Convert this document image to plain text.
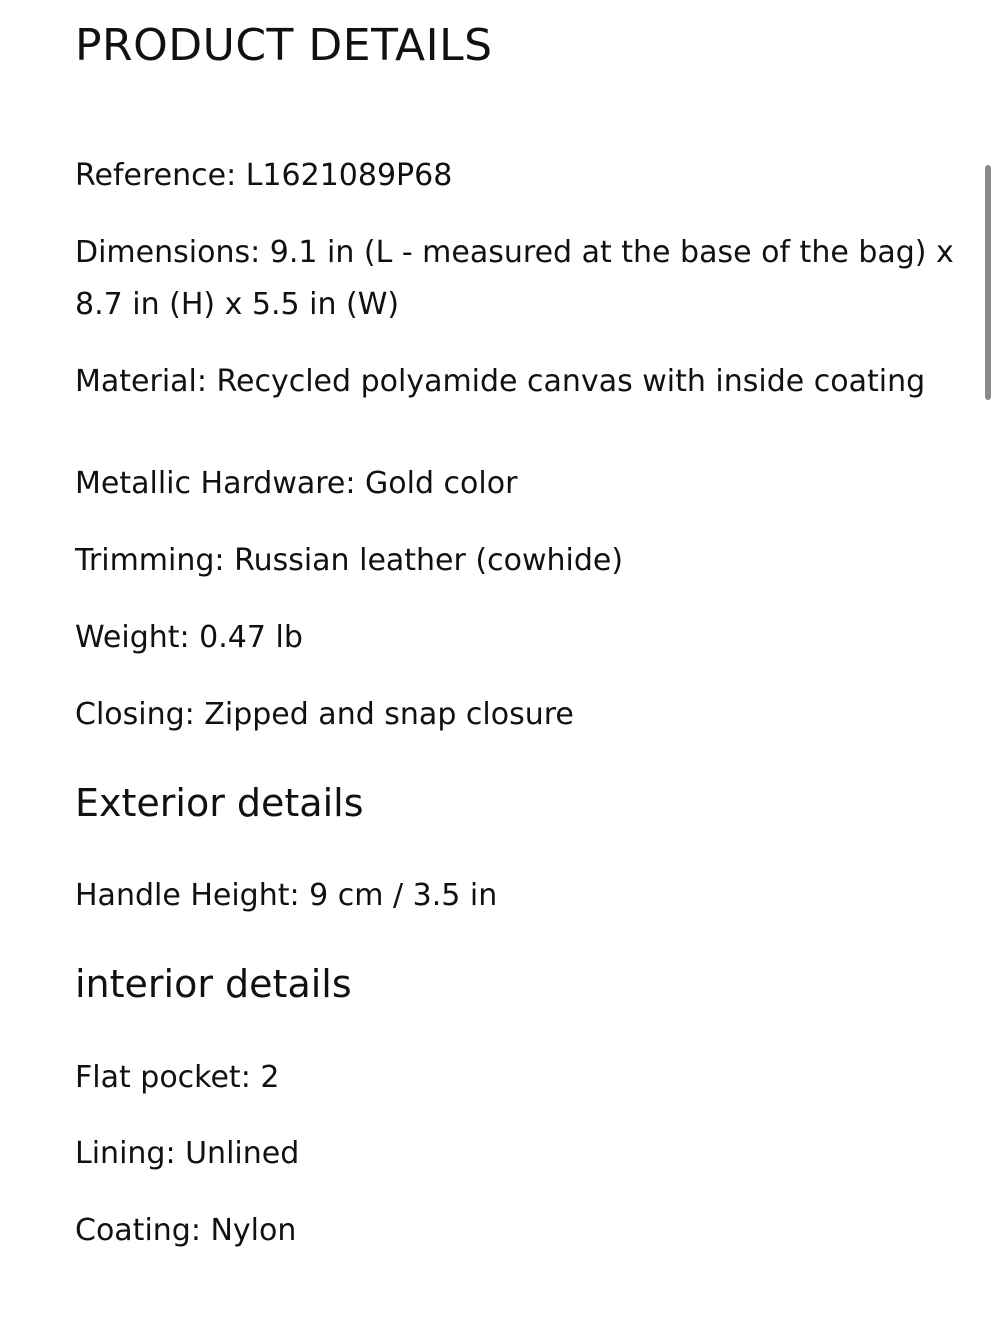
PRODUCT DETAILS

Reference: L1621089P68

Dimensions: 9.1 in (L - measured at the base of the bag) x

8.7 in (H) x 5.5 in (W)

Material: Recycled polyamide canvas with inside coating

Metallic Hardware: Gold color

Trimming: Russian leather (cowhide)

Weight: 0.47 lb

Closing: Zipped and snap closure

Exterior details

Handle Height: 9 cm / 3.5 in

interior details

Flat pocket: 2

Lining: Unlined

Coating: Nylon
